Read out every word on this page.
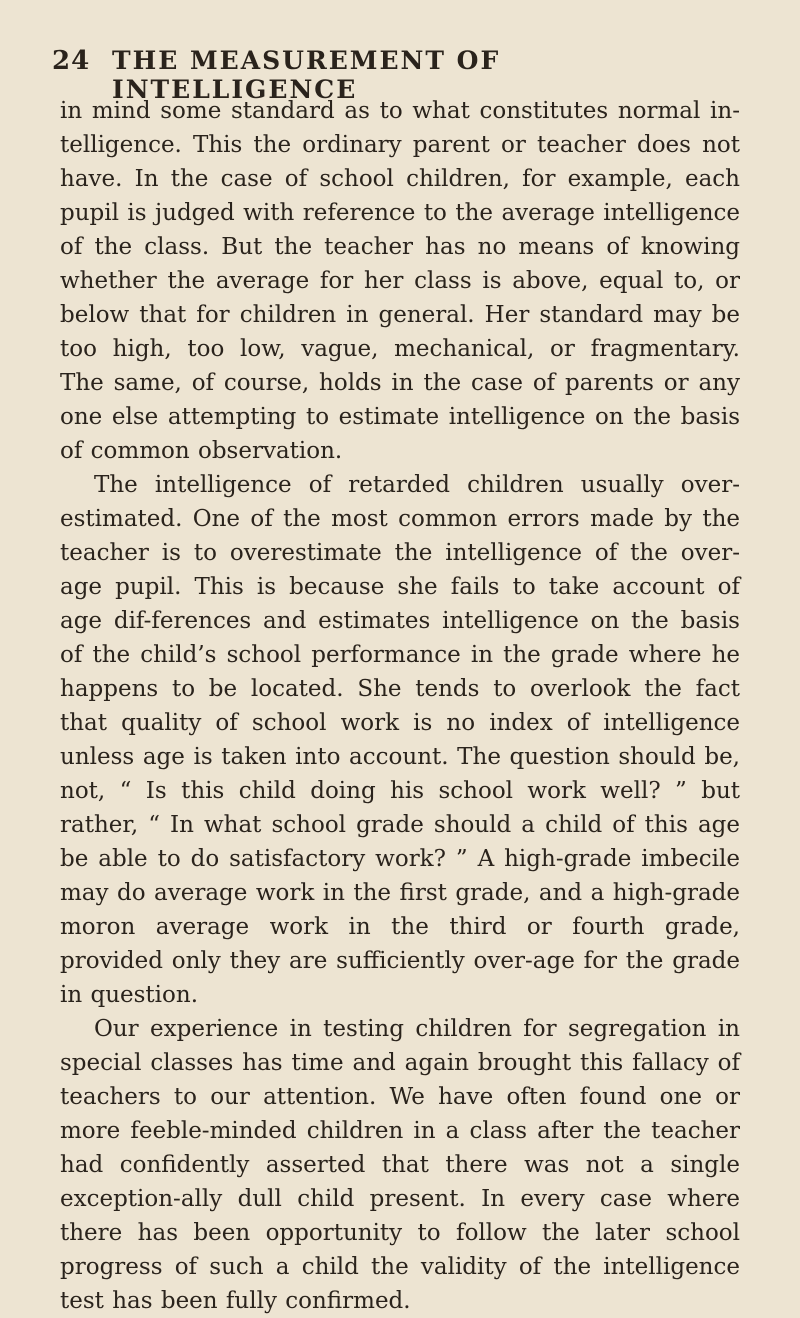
24 THE MEASUREMENT OF INTELLIGENCE

in mind some standard as to what constitutes normal in-telligence. This the ordinary parent or teacher does not have. In the case of school children, for example, each pupil is judged with reference to the average intelligence of the class. But the teacher has no means of knowing whether the average for her class is above, equal to, or below that for children in general. Her standard may be too high, too low, vague, mechanical, or fragmentary. The same, of course, holds in the case of parents or any one else attempting to estimate intelligence on the basis of common observation.

The intelligence of retarded children usually over-estimated. One of the most common errors made by the teacher is to overestimate the intelligence of the over-age pupil. This is because she fails to take account of age dif-ferences and estimates intelligence on the basis of the child’s school performance in the grade where he happens to be located. She tends to overlook the fact that quality of school work is no index of intelligence unless age is taken into account. The question should be, not, “ Is this child doing his school work well? ” but rather, “ In what school grade should a child of this age be able to do satisfactory work? ” A high-grade imbecile may do average work in the first grade, and a high-grade moron average work in the third or fourth grade, provided only they are sufficiently over-age for the grade in question.

Our experience in testing children for segregation in special classes has time and again brought this fallacy of teachers to our attention. We have often found one or more feeble-minded children in a class after the teacher had confidently asserted that there was not a single exception-ally dull child present. In every case where there has been opportunity to follow the later school progress of such a child the validity of the intelligence test has been fully confirmed.
